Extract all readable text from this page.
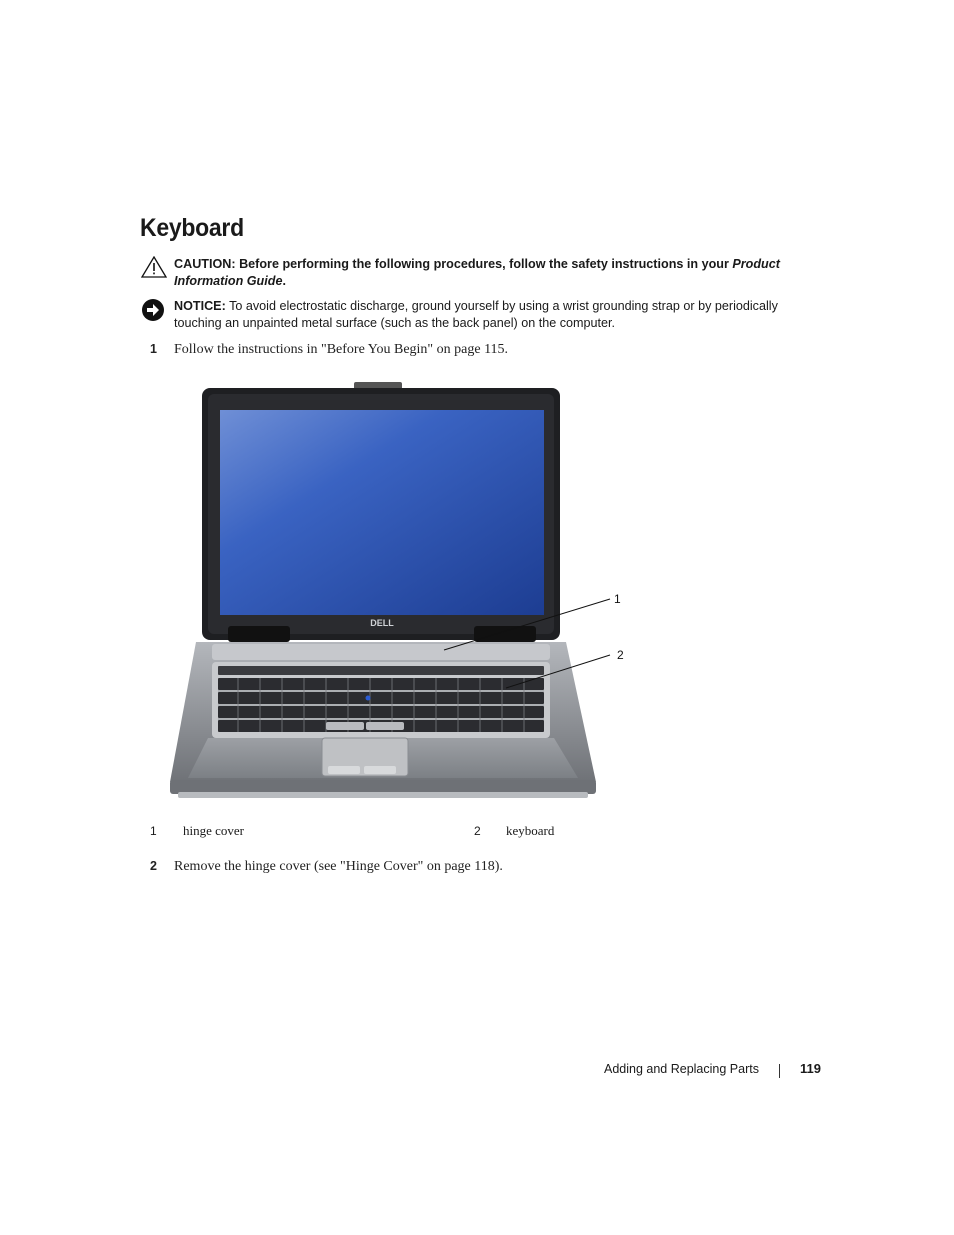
Keyboard
CAUTION: Before performing the following procedures, follow the safety instructions in your Product Information Guide.
NOTICE: To avoid electrostatic discharge, ground yourself by using a wrist grounding strap or by periodically touching an unpainted metal surface (such as the back panel) on the computer.
1 Follow the instructions in "Before You Begin" on page 115.
DELL
1
2
1 hinge cover	2 keyboard
2 Remove the hinge cover (see "Hinge Cover" on page 118).
Adding and Replacing Parts	119
